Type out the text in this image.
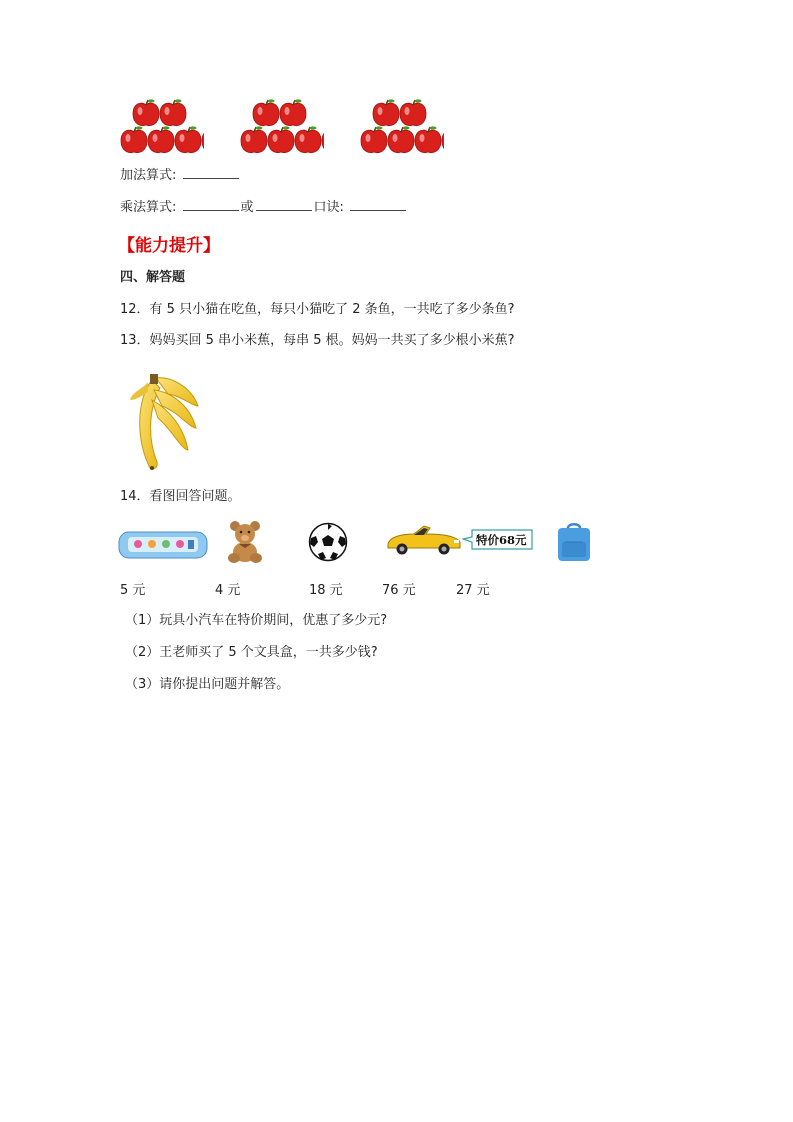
加法算式:
乘法算式:	或	口诀:
【能力提升】
四、解答题
12．有 5 只小猫在吃鱼，每只小猫吃了 2 条鱼，一共吃了多少条鱼?
13．妈妈买回 5 串小米蕉，每串 5 根。妈妈一共买了多少根小米蕉?
14．看图回答问题。
特价68元
5 元	4 元	18 元	76 元	27 元
（1）玩具小汽车在特价期间，优惠了多少元?
（2）王老师买了 5 个文具盒，一共多少钱?
（3）请你提出问题并解答。
